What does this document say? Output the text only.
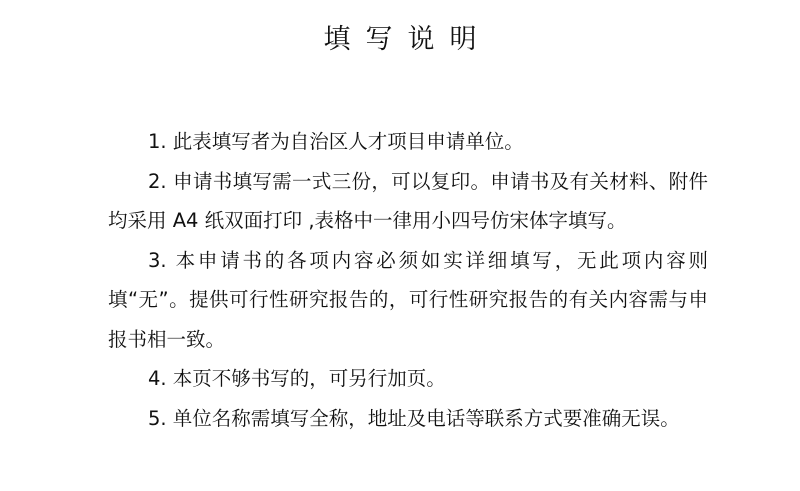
填写说明

1. 此表填写者为自治区人才项目申请单位。

2. 申请书填写需一式三份，可以复印。申请书及有关材料、附件均采用 A4 纸双面打印 ,表格中一律用小四号仿宋体字填写。

3. 本申请书的各项内容必须如实详细填写，无此项内容则填“无”。提供可行性研究报告的，可行性研究报告的有关内容需与申报书相一致。

4. 本页不够书写的，可另行加页。

5. 单位名称需填写全称，地址及电话等联系方式要准确无误。
